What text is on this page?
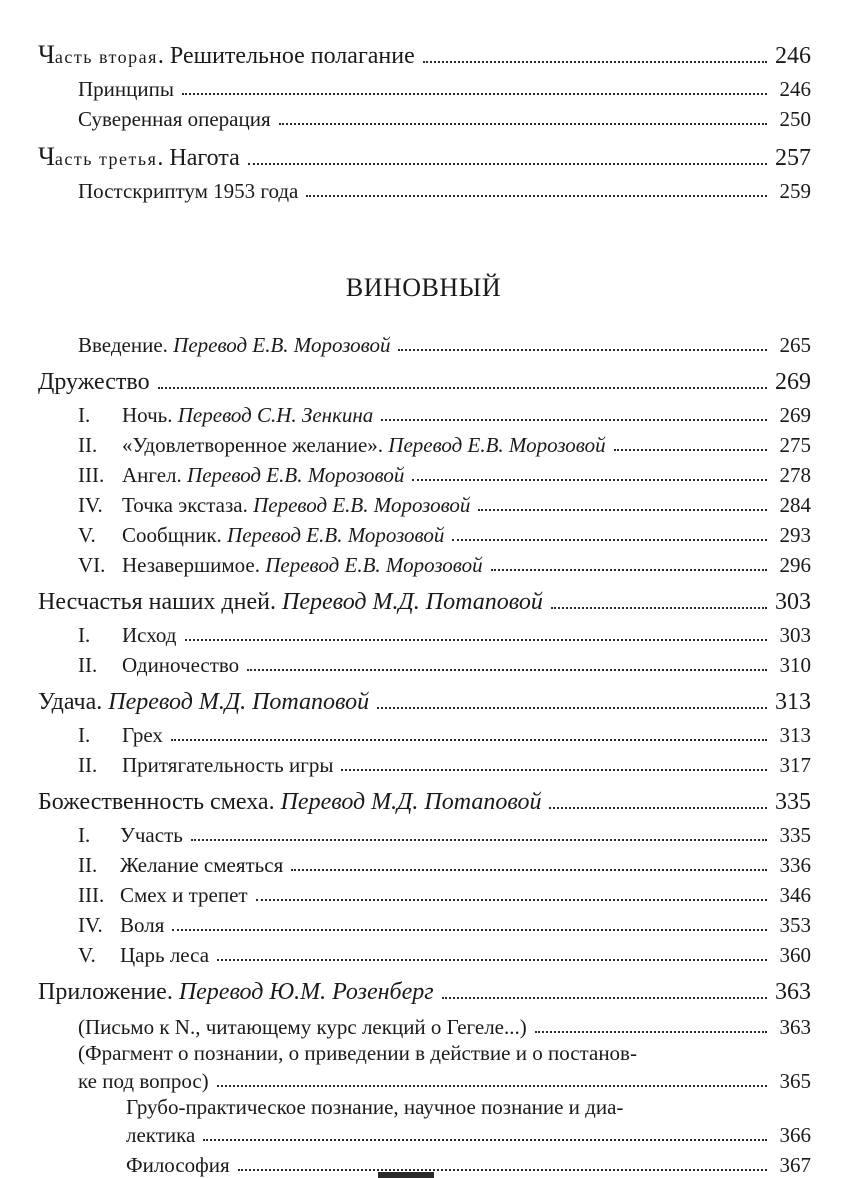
Часть вторая. Решительное полагание	246
Принципы	246
Суверенная операция	250
Часть третья. Нагота	257
Постскриптум 1953 года	259
ВИНОВНЫЙ
Введение. Перевод Е.В. Морозовой	265
Дружество	269
I. Ночь. Перевод С.Н. Зенкина	269
II. «Удовлетворенное желание». Перевод Е.В. Морозовой	275
III. Ангел. Перевод Е.В. Морозовой	278
IV. Точка экстаза. Перевод Е.В. Морозовой	284
V. Сообщник. Перевод Е.В. Морозовой	293
VI. Незавершимое. Перевод Е.В. Морозовой	296
Несчастья наших дней. Перевод М.Д. Потаповой	303
I. Исход	303
II. Одиночество	310
Удача. Перевод М.Д. Потаповой	313
I. Грех	313
II. Притягательность игры	317
Божественность смеха. Перевод М.Д. Потаповой	335
I. Участь	335
II. Желание смеяться	336
III. Смех и трепет	346
IV. Воля	353
V. Царь леса	360
Приложение. Перевод Ю.М. Розенберг	363
(Письмо к N., читающему курс лекций о Гегеле...)	363
(Фрагмент о познании, о приведении в действие и о постанов-
ке под вопрос)	365
Грубо-практическое познание, научное познание и диа-
лектика	366
Философия	367
